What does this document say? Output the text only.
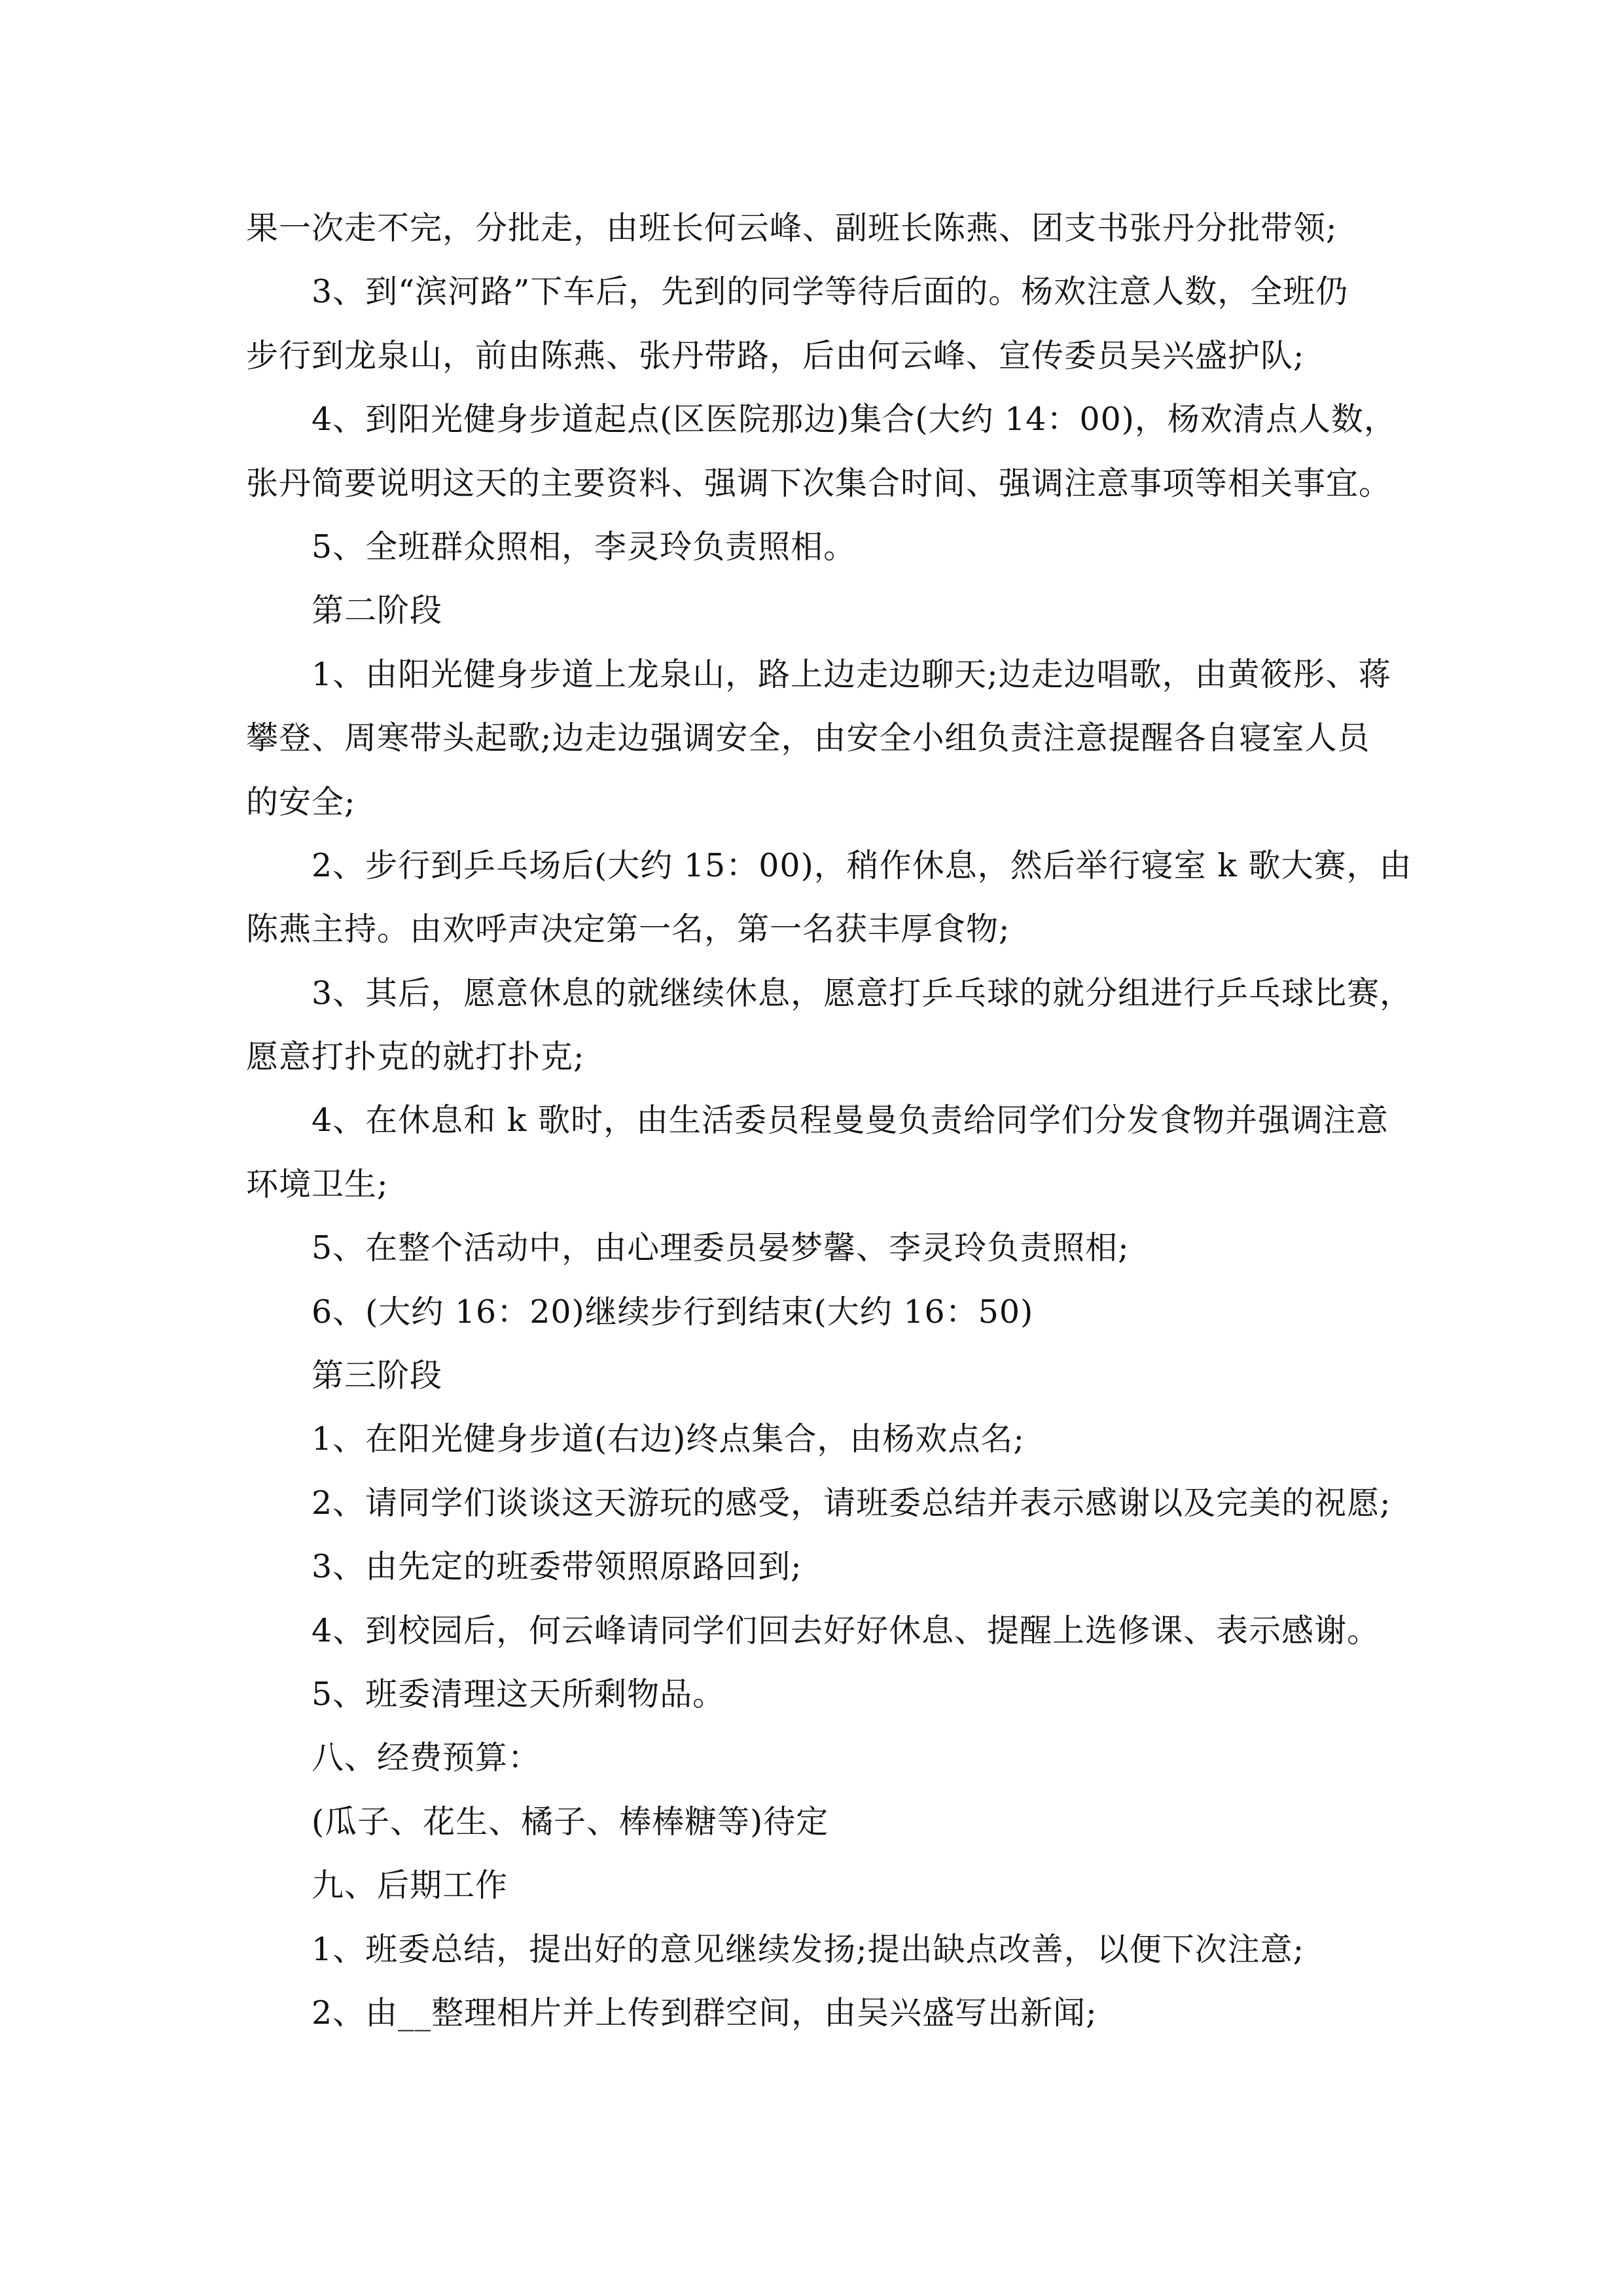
果一次走不完，分批走，由班长何云峰、副班长陈燕、团支书张丹分批带领;
3、到“滨河路”下车后，先到的同学等待后面的。杨欢注意人数，全班仍
步行到龙泉山，前由陈燕、张丹带路，后由何云峰、宣传委员吴兴盛护队;
4、到阳光健身步道起点(区医院那边)集合(大约 14：00)，杨欢清点人数，
张丹简要说明这天的主要资料、强调下次集合时间、强调注意事项等相关事宜。
5、全班群众照相，李灵玲负责照相。
第二阶段
1、由阳光健身步道上龙泉山，路上边走边聊天;边走边唱歌，由黄筱彤、蒋
攀登、周寒带头起歌;边走边强调安全，由安全小组负责注意提醒各自寝室人员
的安全;
2、步行到乒乓场后(大约 15：00)，稍作休息，然后举行寝室 k 歌大赛，由
陈燕主持。由欢呼声决定第一名，第一名获丰厚食物;
3、其后，愿意休息的就继续休息，愿意打乒乓球的就分组进行乒乓球比赛，
愿意打扑克的就打扑克;
4、在休息和 k 歌时，由生活委员程曼曼负责给同学们分发食物并强调注意
环境卫生;
5、在整个活动中，由心理委员晏梦馨、李灵玲负责照相;
6、(大约 16：20)继续步行到结束(大约 16：50)
第三阶段
1、在阳光健身步道(右边)终点集合，由杨欢点名;
2、请同学们谈谈这天游玩的感受，请班委总结并表示感谢以及完美的祝愿;
3、由先定的班委带领照原路回到;
4、到校园后，何云峰请同学们回去好好休息、提醒上选修课、表示感谢。
5、班委清理这天所剩物品。
八、经费预算：
(瓜子、花生、橘子、棒棒糖等)待定
九、后期工作
1、班委总结，提出好的意见继续发扬;提出缺点改善，以便下次注意;
2、由__整理相片并上传到群空间，由吴兴盛写出新闻;
